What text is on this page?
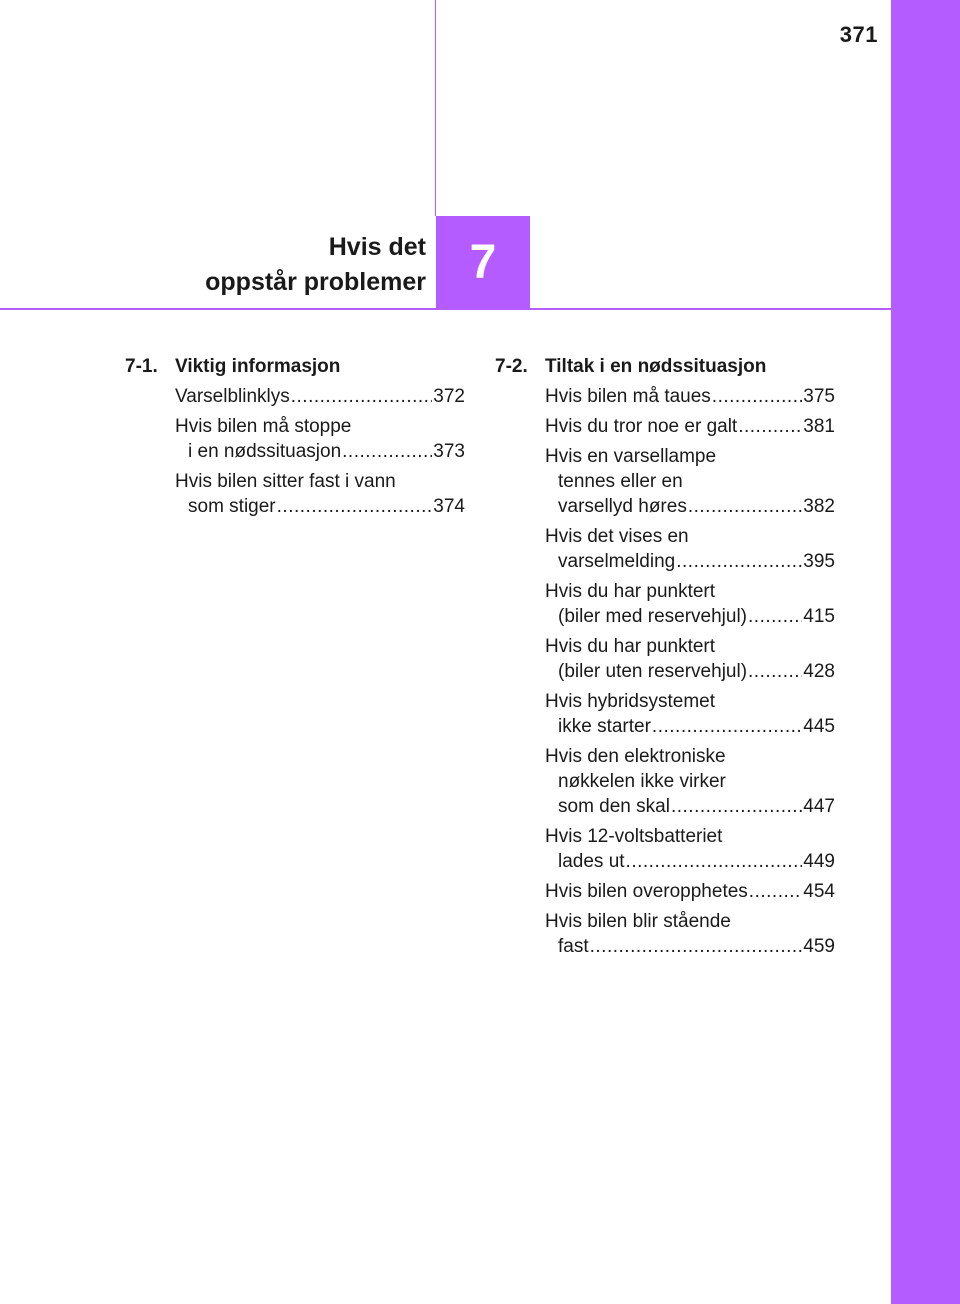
371
7
Hvis det
oppstår problemer
7-1. Viktig informasjon
Varselblinklys .....	372
Hvis bilen må stoppe
i en nødssituasjon .....	373
Hvis bilen sitter fast i vann
som stiger .....	374
7-2. Tiltak i en nødssituasjon
Hvis bilen må taues .....	375
Hvis du tror noe er galt .....	381
Hvis en varsellampe
tennes eller en
varsellyd høres .....	382
Hvis det vises en
varselmelding .....	395
Hvis du har punktert
(biler med reservehjul) .....	415
Hvis du har punktert
(biler uten reservehjul) .....	428
Hvis hybridsystemet
ikke starter .....	445
Hvis den elektroniske
nøkkelen ikke virker
som den skal .....	447
Hvis 12-voltsbatteriet
lades ut .....	449
Hvis bilen overopphetes .....	454
Hvis bilen blir stående
fast .....	459
